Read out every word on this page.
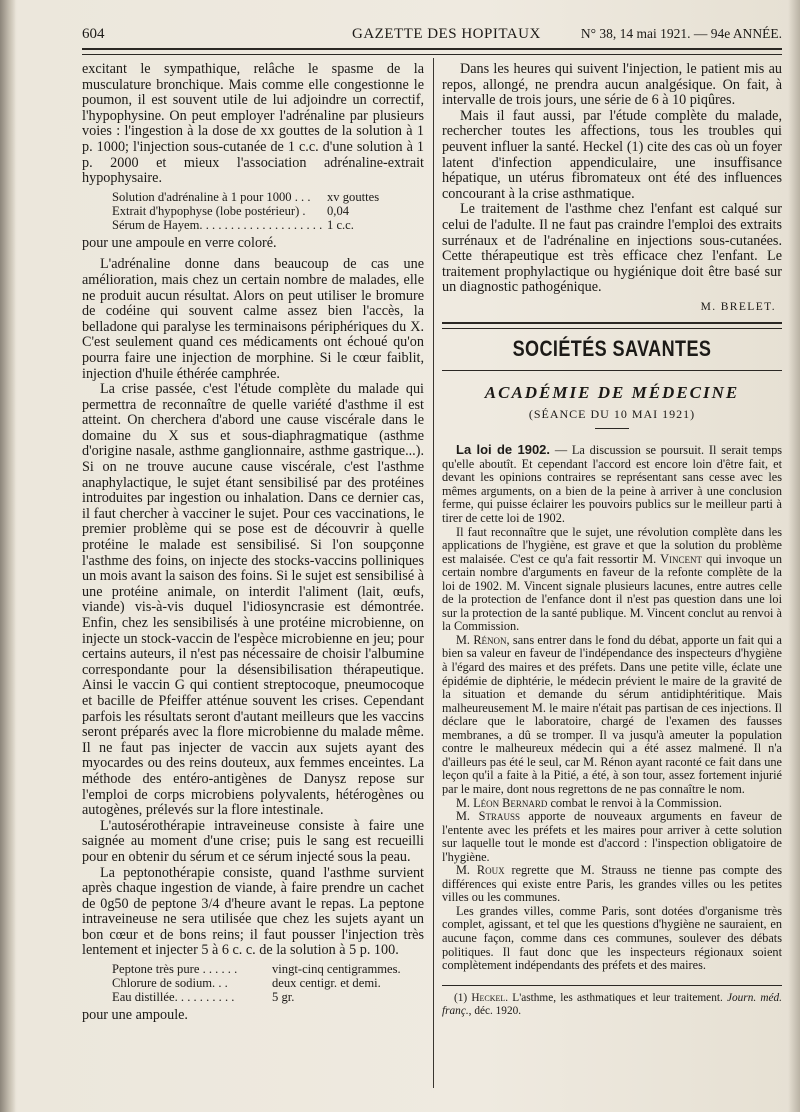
604	GAZETTE DES HOPITAUX	N° 38, 14 mai 1921. — 94e ANNÉE.

excitant le sympathique, relâche le spasme de la musculature bronchique. Mais comme elle congestionne le poumon, il est souvent utile de lui adjoindre un correctif, l'hypophysine. On peut employer l'adrénaline par plusieurs voies : l'ingestion à la dose de xx gouttes de la solution à 1 p. 1000; l'injection sous-cutanée de 1 c.c. d'une solution à 1 p. 2000 et mieux l'association adrénaline-extrait hypophysaire.

Solution d'adrénaline à 1 pour 1000 . . .	xv gouttes
Extrait d'hypophyse (lobe postérieur) .	0,04
Sérum de Hayem. . . . . . . . . . . . . . . . . . . . 1 c.c.

pour une ampoule en verre coloré.

L'adrénaline donne dans beaucoup de cas une amélioration, mais chez un certain nombre de malades, elle ne produit aucun résultat. Alors on peut utiliser le bromure de codéine qui souvent calme assez bien l'accès, la belladone qui paralyse les terminaisons périphériques du X. C'est seulement quand ces médicaments ont échoué qu'on pourra faire une injection de morphine. Si le cœur faiblit, injection d'huile éthérée camphrée.

La crise passée, c'est l'étude complète du malade qui permettra de reconnaître de quelle variété d'asthme il est atteint. On cherchera d'abord une cause viscérale dans le domaine du X sus et sous-diaphragmatique (asthme d'origine nasale, asthme ganglionnaire, asthme gastrique...). Si on ne trouve aucune cause viscérale, c'est l'asthme anaphylactique, le sujet étant sensibilisé par des protéines introduites par ingestion ou inhalation. Dans ce dernier cas, il faut chercher à vacciner le sujet. Pour ces vaccinations, le premier problème qui se pose est de découvrir à quelle protéine le malade est sensibilisé. Si l'on soupçonne l'asthme des foins, on injecte des stocks-vaccins polliniques un mois avant la saison des foins. Si le sujet est sensibilisé à une protéine animale, on interdit l'aliment (lait, œufs, viande) vis-à-vis duquel l'idiosyncrasie est démontrée. Enfin, chez les sensibilisés à une protéine microbienne, on injecte un stock-vaccin de l'espèce microbienne en jeu; pour certains auteurs, il n'est pas nécessaire de choisir l'albumine correspondante pour la désensibilisation thérapeutique. Ainsi le vaccin G qui contient streptocoque, pneumocoque et bacille de Pfeiffer atténue souvent les crises. Cependant parfois les résultats seront d'autant meilleurs que les vaccins seront préparés avec la flore microbienne du malade même. Il ne faut pas injecter de vaccin aux sujets ayant des myocardes ou des reins douteux, aux femmes enceintes. La méthode des entéro-antigènes de Danysz repose sur l'emploi de corps microbiens polyvalents, hétérogènes ou autogènes, prélevés sur la flore intestinale.

L'autosérothérapie intraveineuse consiste à faire une saignée au moment d'une crise; puis le sang est recueilli pour en obtenir du sérum et ce sérum injecté sous la peau.

La peptonothérapie consiste, quand l'asthme survient après chaque ingestion de viande, à faire prendre un cachet de 0g50 de peptone 3/4 d'heure avant le repas. La peptone intraveineuse ne sera utilisée que chez les sujets ayant un bon cœur et de bons reins; il faut pousser l'injection très lentement et injecter 5 à 6 c. c. de la solution à 5 p. 100.

Peptone très pure . . . . . .	vingt-cinq centigrammes.
Chlorure de sodium. . .	deux centigr. et demi.
Eau distillée. . . . . . . . . .	5 gr.

pour une ampoule.

Dans les heures qui suivent l'injection, le patient mis au repos, allongé, ne prendra aucun analgésique. On fait, à intervalle de trois jours, une série de 6 à 10 piqûres.

Mais il faut aussi, par l'étude complète du malade, rechercher toutes les affections, tous les troubles qui peuvent influer la santé. Heckel (1) cite des cas où un foyer latent d'infection appendiculaire, une insuffisance hépatique, un utérus fibromateux ont été des influences concourant à la crise asthmatique.

Le traitement de l'asthme chez l'enfant est calqué sur celui de l'adulte. Il ne faut pas craindre l'emploi des extraits surrénaux et de l'adrénaline en injections sous-cutanées. Cette thérapeutique est très efficace chez l'enfant. Le traitement prophylactique ou hygiénique doit être basé sur un diagnostic pathogénique.

M. BRELET.
SOCIÉTÉS SAVANTES
ACADÉMIE DE MÉDECINE
(SÉANCE DU 10 MAI 1921)

La loi de 1902. — La discussion se poursuit. Il serait temps qu'elle aboutît. Et cependant l'accord est encore loin d'être fait, et devant les opinions contraires se représentant sans cesse avec les mêmes arguments, on a bien de la peine à arriver à une conclusion ferme, qui puisse éclairer les pouvoirs publics sur le meilleur parti à tirer de cette loi de 1902.

Il faut reconnaître que le sujet, une révolution complète dans les applications de l'hygiène, est grave et que la solution du problème est malaisée. C'est ce qu'a fait ressortir M. Vincent qui invoque un certain nombre d'arguments en faveur de la refonte complète de la loi de 1902. M. Vincent signale plusieurs lacunes, entre autres celle de la protection de l'enfance dont il n'est pas question dans une loi sur la protection de la santé publique. M. Vincent conclut au renvoi à la Commission.

M. Rénon, sans entrer dans le fond du débat, apporte un fait qui a bien sa valeur en faveur de l'indépendance des inspecteurs d'hygiène à l'égard des maires et des préfets. Dans une petite ville, éclate une épidémie de diphtérie, le médecin prévient le maire de la gravité de la situation et demande du sérum antidiphtéritique. Mais malheureusement M. le maire n'était pas partisan de ces injections. Il déclare que le laboratoire, chargé de l'examen des fausses membranes, a dû se tromper. Il va jusqu'à ameuter la population contre le malheureux médecin qui a été assez malmené. Il n'a d'ailleurs pas été le seul, car M. Rénon ayant raconté ce fait dans une leçon qu'il a faite à la Pitié, a été, à son tour, assez fortement injurié par le maire, dont nous regrettons de ne pas connaître le nom.

M. Léon Bernard combat le renvoi à la Commission.

M. Strauss apporte de nouveaux arguments en faveur de l'entente avec les préfets et les maires pour arriver à cette solution sur laquelle tout le monde est d'accord : l'inspection obligatoire de l'hygiène.

M. Roux regrette que M. Strauss ne tienne pas compte des différences qui existe entre Paris, les grandes villes ou les petites villes ou les communes.

Les grandes villes, comme Paris, sont dotées d'organisme très complet, agissant, et tel que les questions d'hygiène ne sauraient, en aucune façon, comme dans ces communes, soulever des débats politiques. Il faut donc que les inspecteurs régionaux soient complètement indépendants des préfets et des maires.

(1) Heckel. L'asthme, les asthmatiques et leur traitement. Journ. méd. franç., déc. 1920.
